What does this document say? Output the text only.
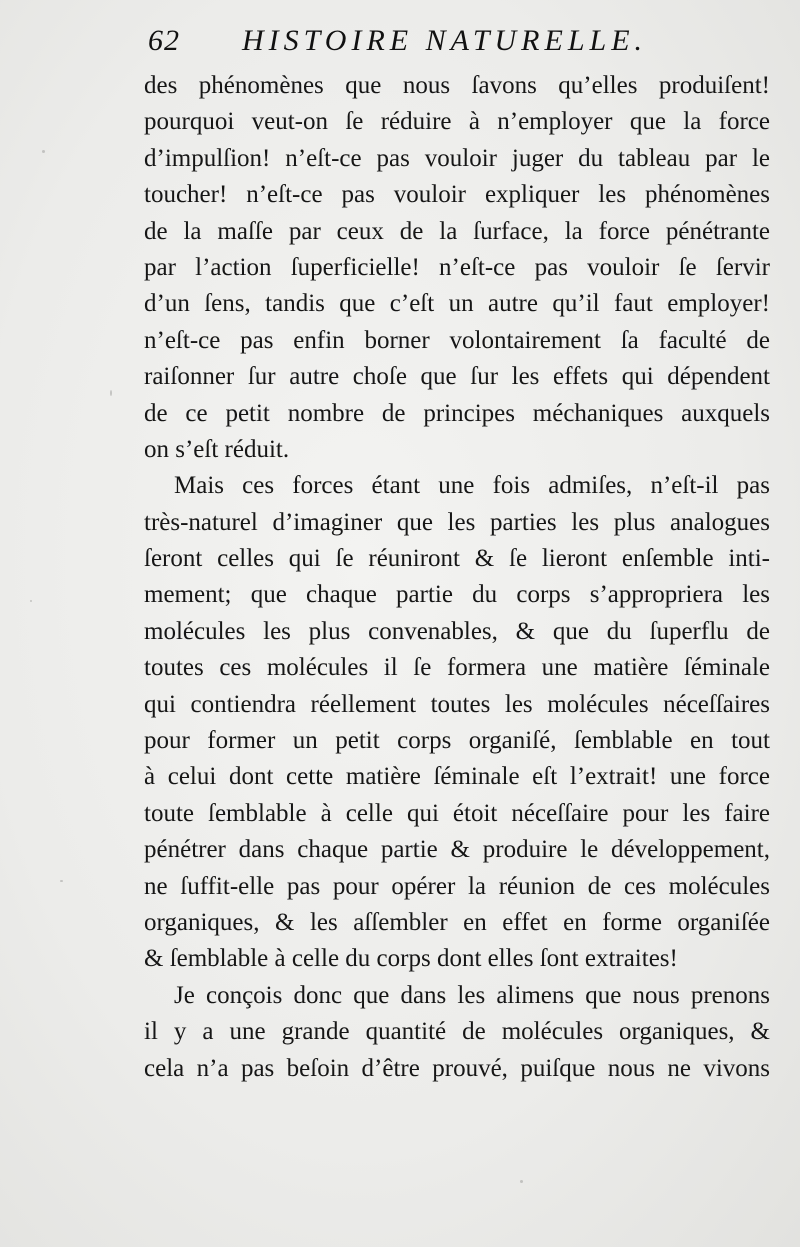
62 HISTOIRE NATURELLE.
des phénomènes que nous ſavons qu’elles produiſent!
pourquoi veut-on ſe réduire à n’employer que la force
d’impulſion! n’eſt-ce pas vouloir juger du tableau par le
toucher! n’eſt-ce pas vouloir expliquer les phénomènes
de la maſſe par ceux de la ſurface, la force pénétrante
par l’action ſuperficielle! n’eſt-ce pas vouloir ſe ſervir
d’un ſens, tandis que c’eſt un autre qu’il faut employer!
n’eſt-ce pas enfin borner volontairement ſa faculté de
raiſonner ſur autre choſe que ſur les effets qui dépendent
de ce petit nombre de principes méchaniques auxquels
on s’eſt réduit.
Mais ces forces étant une fois admiſes, n’eſt-il pas
très-naturel d’imaginer que les parties les plus analogues
ſeront celles qui ſe réuniront & ſe lieront enſemble inti-
mement; que chaque partie du corps s’appropriera les
molécules les plus convenables, & que du ſuperflu de
toutes ces molécules il ſe formera une matière ſéminale
qui contiendra réellement toutes les molécules néceſſaires
pour former un petit corps organiſé, ſemblable en tout
à celui dont cette matière ſéminale eſt l’extrait! une force
toute ſemblable à celle qui étoit néceſſaire pour les faire
pénétrer dans chaque partie & produire le développement,
ne ſuffit-elle pas pour opérer la réunion de ces molécules
organiques, & les aſſembler en effet en forme organiſée
& ſemblable à celle du corps dont elles ſont extraites!
Je conçois donc que dans les alimens que nous prenons
il y a une grande quantité de molécules organiques, &
cela n’a pas beſoin d’être prouvé, puiſque nous ne vivons
